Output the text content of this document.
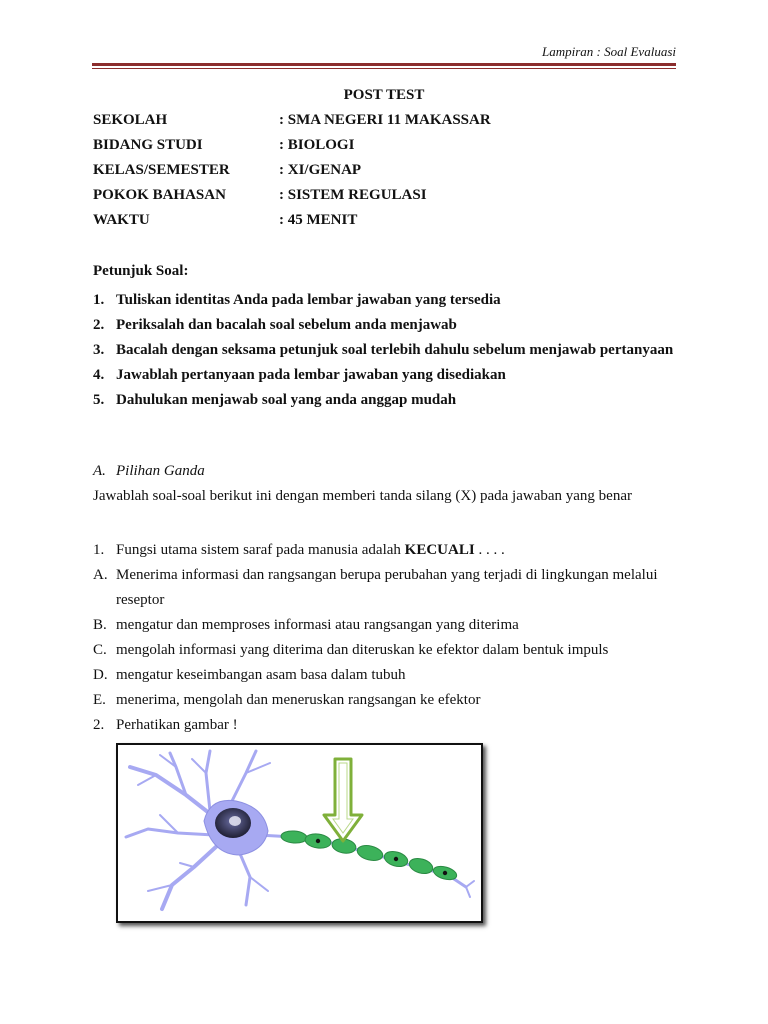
Lampiran : Soal Evaluasi
POST TEST
SEKOLAH	: SMA NEGERI 11 MAKASSAR
BIDANG STUDI	: BIOLOGI
KELAS/SEMESTER	: XI/GENAP
POKOK BAHASAN	: SISTEM REGULASI
WAKTU	: 45 MENIT
Petunjuk Soal:
1. Tuliskan identitas Anda pada lembar jawaban yang tersedia
2. Periksalah dan bacalah soal sebelum anda menjawab
3. Bacalah dengan seksama petunjuk soal terlebih dahulu sebelum menjawab pertanyaan
4. Jawablah pertanyaan pada lembar jawaban yang disediakan
5. Dahulukan menjawab soal yang anda anggap mudah
A. Pilihan Ganda
Jawablah soal-soal berikut ini dengan memberi tanda silang (X) pada jawaban yang benar
1. Fungsi utama sistem saraf pada manusia adalah KECUALI . . . .
A. Menerima informasi dan rangsangan berupa perubahan yang terjadi di lingkungan melalui reseptor
B. mengatur dan memproses informasi atau rangsangan yang diterima
C. mengolah informasi yang diterima dan diteruskan ke efektor dalam bentuk impuls
D. mengatur keseimbangan asam basa dalam tubuh
E. menerima, mengolah dan meneruskan rangsangan ke efektor
2. Perhatikan gambar !
